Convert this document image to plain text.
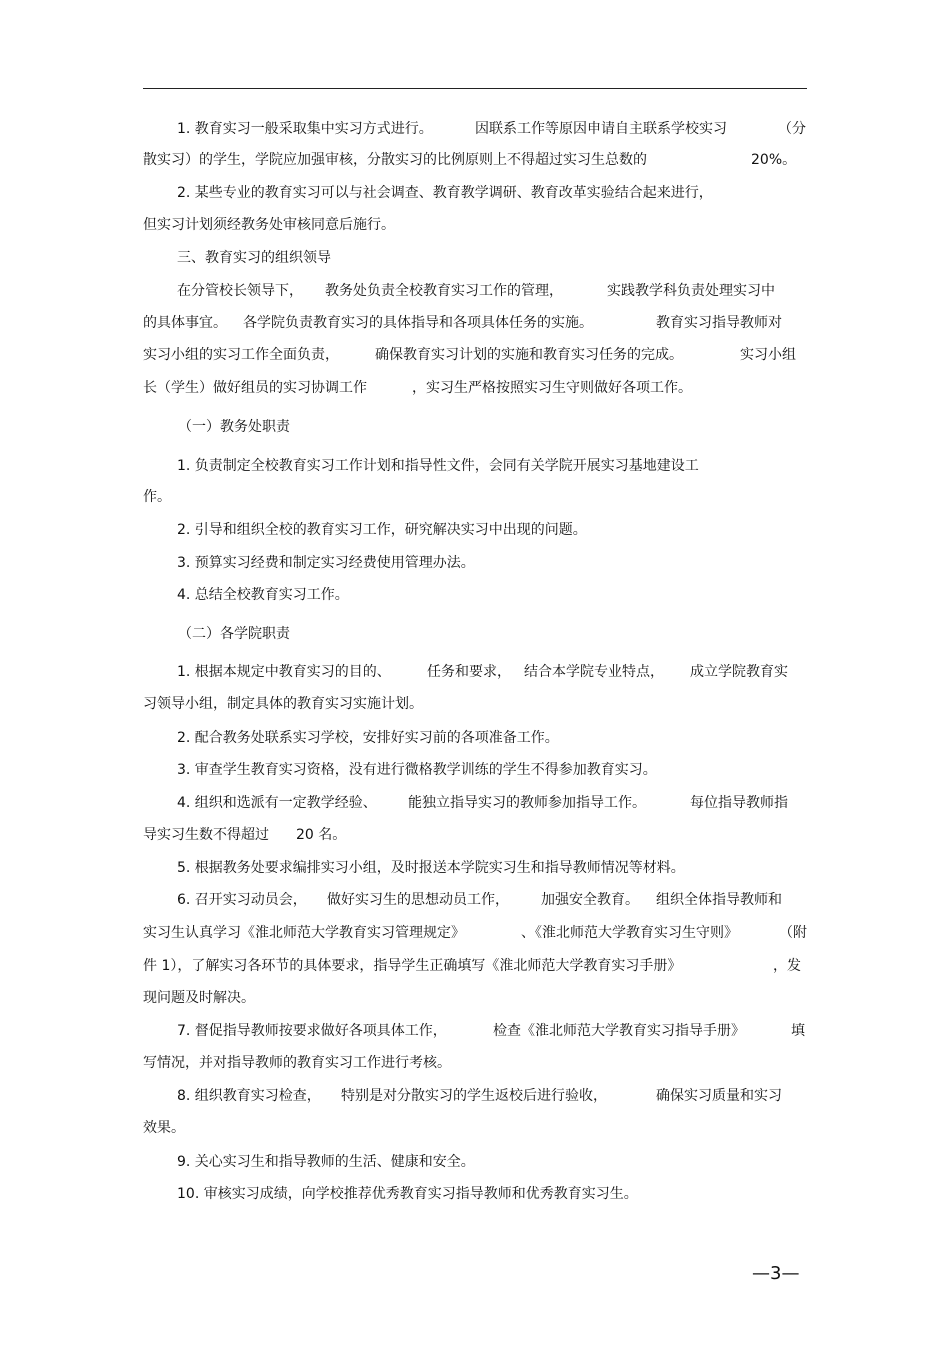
1. 教育实习一般采取集中实习方式进行。	因联系工作等原因申请自主联系学校实习	（分
散实习）的学生，学院应加强审核，分散实习的比例原则上不得超过实习生总数的	20%。
2. 某些专业的教育实习可以与社会调查、教育教学调研、教育改革实验结合起来进行，
但实习计划须经教务处审核同意后施行。
三、教育实习的组织领导
在分管校长领导下， 教务处负责全校教育实习工作的管理，	实践教学科负责处理实习中
的具体事宜。 各学院负责教育实习的具体指导和各项具体任务的实施。	教育实习指导教师对
实习小组的实习工作全面负责，	确保教育实习计划的实施和教育实习任务的完成。	实习小组
长（学生）做好组员的实习协调工作	，实习生严格按照实习生守则做好各项工作。
（一）教务处职责
1. 负责制定全校教育实习工作计划和指导性文件，会同有关学院开展实习基地建设工
作。
2. 引导和组织全校的教育实习工作，研究解决实习中出现的问题。
3. 预算实习经费和制定实习经费使用管理办法。
4. 总结全校教育实习工作。
（二）各学院职责
1. 根据本规定中教育实习的目的、	任务和要求， 结合本学院专业特点， 成立学院教育实
习领导小组，制定具体的教育实习实施计划。
2. 配合教务处联系实习学校，安排好实习前的各项准备工作。
3. 审查学生教育实习资格，没有进行微格教学训练的学生不得参加教育实习。
4. 组织和选派有一定教学经验、 能独立指导实习的教师参加指导工作。	每位指导教师指
导实习生数不得超过 20 名。
5. 根据教务处要求编排实习小组，及时报送本学院实习生和指导教师情况等材料。
6. 召开实习动员会， 做好实习生的思想动员工作， 加强安全教育。 组织全体指导教师和
实习生认真学习《淮北师范大学教育实习管理规定》	、《淮北师范大学教育实习生守则》	（附
件 1），了解实习各环节的具体要求，指导学生正确填写《淮北师范大学教育实习手册》	，发
现问题及时解决。
7. 督促指导教师按要求做好各项具体工作，	检查《淮北师范大学教育实习指导手册》	填
写情况，并对指导教师的教育实习工作进行考核。
8. 组织教育实习检查， 特别是对分散实习的学生返校后进行验收，	确保实习质量和实习
效果。
9. 关心实习生和指导教师的生活、健康和安全。
10. 审核实习成绩，向学校推荐优秀教育实习指导教师和优秀教育实习生。
—3—
